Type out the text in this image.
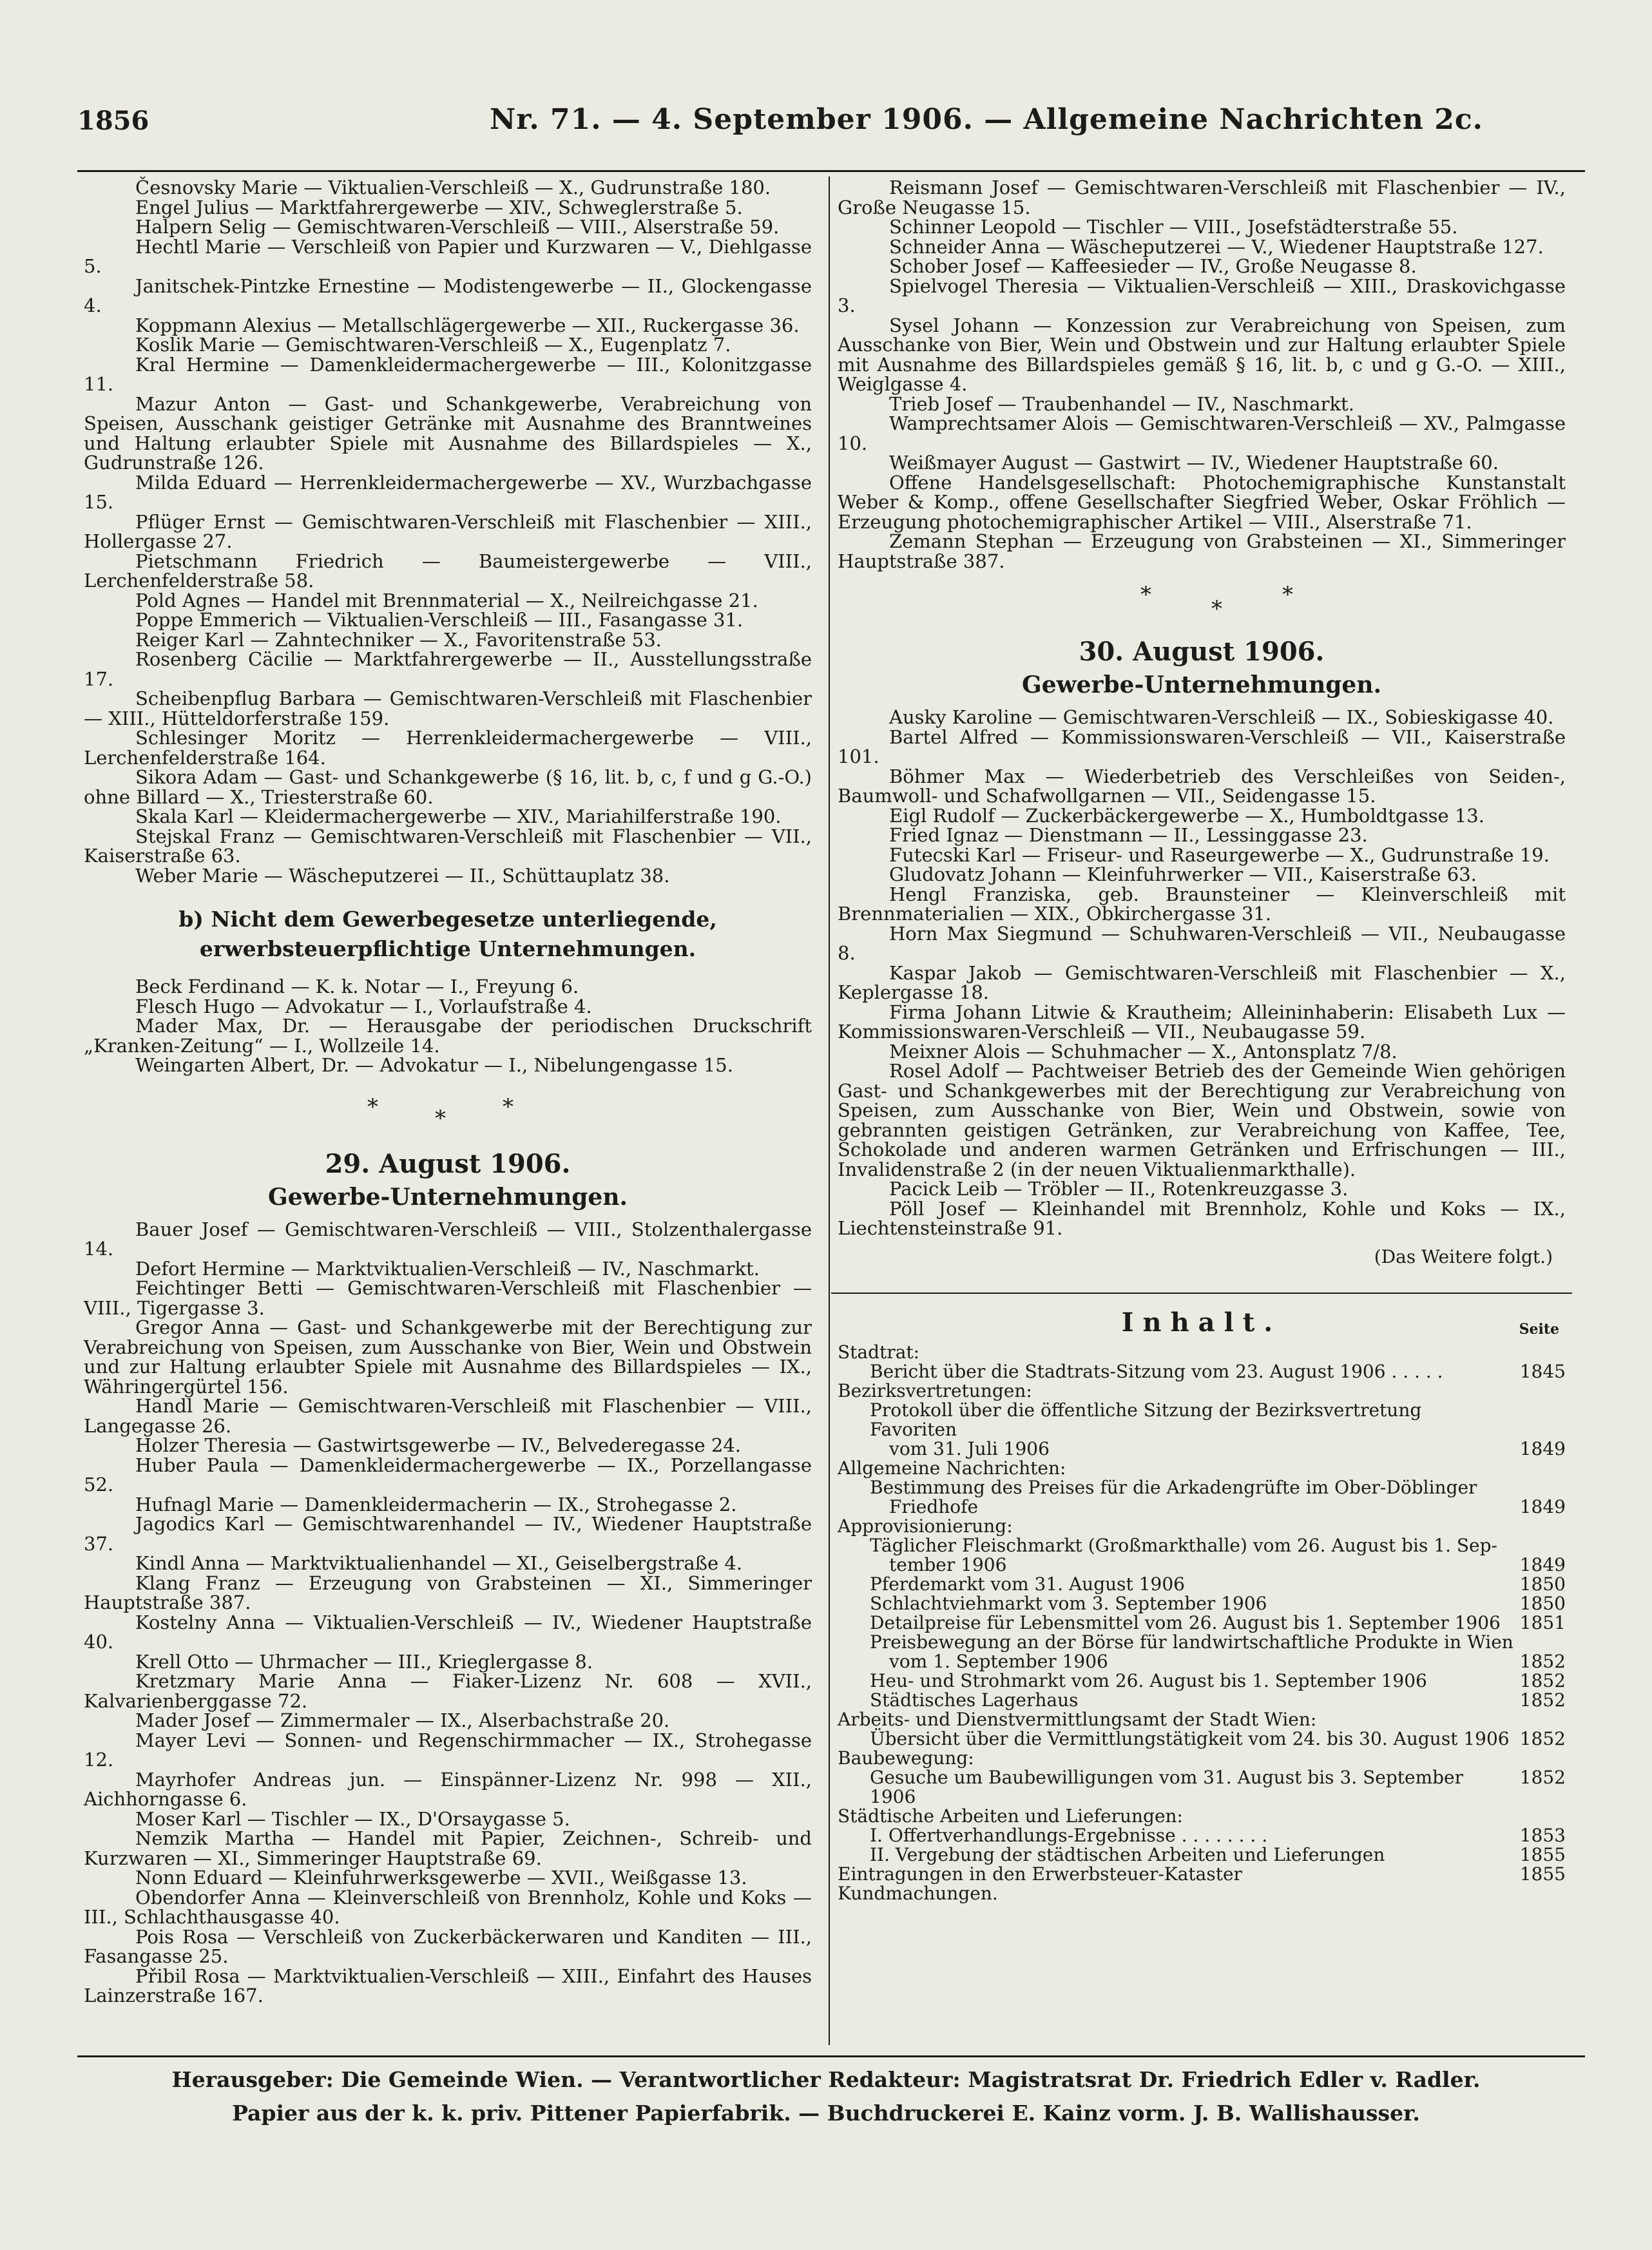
1856	Nr. 71. — 4. September 1906. — Allgemeine Nachrichten 2c.

Česnovsky Marie — Viktualien-Verschleiß — X., Gudrunstraße 180.

Engel Julius — Marktfahrergewerbe — XIV., Schweglerstraße 5.

Halpern Selig — Gemischtwaren-Verschleiß — VIII., Alserstraße 59.

Hechtl Marie — Verschleiß von Papier und Kurzwaren — V., Diehlgasse 5.

Janitschek-Pintzke Ernestine — Modistengewerbe — II., Glockengasse 4.

Koppmann Alexius — Metallschlägergewerbe — XII., Ruckergasse 36.

Koslik Marie — Gemischtwaren-Verschleiß — X., Eugenplatz 7.

Kral Hermine — Damenkleidermachergewerbe — III., Kolonitzgasse 11.

Mazur Anton — Gast- und Schankgewerbe, Verabreichung von Speisen, Ausschank geistiger Getränke mit Ausnahme des Branntweines und Haltung erlaubter Spiele mit Ausnahme des Billardspieles — X., Gudrunstraße 126.

Milda Eduard — Herrenkleidermachergewerbe — XV., Wurzbachgasse 15.

Pflüger Ernst — Gemischtwaren-Verschleiß mit Flaschenbier — XIII., Hollergasse 27.

Pietschmann Friedrich — Baumeistergewerbe — VIII., Lerchenfelderstraße 58.

Pold Agnes — Handel mit Brennmaterial — X., Neilreichgasse 21.

Poppe Emmerich — Viktualien-Verschleiß — III., Fasangasse 31.

Reiger Karl — Zahntechniker — X., Favoritenstraße 53.

Rosenberg Cäcilie — Marktfahrergewerbe — II., Ausstellungsstraße 17.

Scheibenpflug Barbara — Gemischtwaren-Verschleiß mit Flaschenbier — XIII., Hütteldorferstraße 159.

Schlesinger Moritz — Herrenkleidermachergewerbe — VIII., Lerchenfelderstraße 164.

Sikora Adam — Gast- und Schankgewerbe (§ 16, lit. b, c, f und g G.-O.) ohne Billard — X., Triesterstraße 60.

Skala Karl — Kleidermachergewerbe — XIV., Mariahilferstraße 190.

Stejskal Franz — Gemischtwaren-Verschleiß mit Flaschenbier — VII., Kaiserstraße 63.

Weber Marie — Wäscheputzerei — II., Schüttauplatz 38.

b) Nicht dem Gewerbegesetze unterliegende, erwerbsteuerpflichtige Unternehmungen.

Beck Ferdinand — K. k. Notar — I., Freyung 6.

Flesch Hugo — Advokatur — I., Vorlaufstraße 4.

Mader Max, Dr. — Herausgabe der periodischen Druckschrift „Kranken-Zeitung“ — I., Wollzeile 14.

Weingarten Albert, Dr. — Advokatur — I., Nibelungengasse 15.

*	*	*
29. August 1906.
Gewerbe-Unternehmungen.

Bauer Josef — Gemischtwaren-Verschleiß — VIII., Stolzenthalergasse 14.

Defort Hermine — Marktviktualien-Verschleiß — IV., Naschmarkt.

Feichtinger Betti — Gemischtwaren-Verschleiß mit Flaschenbier — VIII., Tigergasse 3.

Gregor Anna — Gast- und Schankgewerbe mit der Berechtigung zur Verabreichung von Speisen, zum Ausschanke von Bier, Wein und Obstwein und zur Haltung erlaubter Spiele mit Ausnahme des Billardspieles — IX., Währingergürtel 156.

Handl Marie — Gemischtwaren-Verschleiß mit Flaschenbier — VIII., Langegasse 26.

Holzer Theresia — Gastwirtsgewerbe — IV., Belvederegasse 24.

Huber Paula — Damenkleidermachergewerbe — IX., Porzellangasse 52.

Hufnagl Marie — Damenkleidermacherin — IX., Strohegasse 2.

Jagodics Karl — Gemischtwarenhandel — IV., Wiedener Hauptstraße 37.

Kindl Anna — Marktviktualienhandel — XI., Geiselbergstraße 4.

Klang Franz — Erzeugung von Grabsteinen — XI., Simmeringer Hauptstraße 387.

Kostelny Anna — Viktualien-Verschleiß — IV., Wiedener Hauptstraße 40.

Krell Otto — Uhrmacher — III., Krieglergasse 8.

Kretzmary Marie Anna — Fiaker-Lizenz Nr. 608 — XVII., Kalvarienberggasse 72.

Mader Josef — Zimmermaler — IX., Alserbachstraße 20.

Mayer Levi — Sonnen- und Regenschirmmacher — IX., Strohegasse 12.

Mayrhofer Andreas jun. — Einspänner-Lizenz Nr. 998 — XII., Aichhorngasse 6.

Moser Karl — Tischler — IX., D'Orsaygasse 5.

Nemzik Martha — Handel mit Papier, Zeichnen-, Schreib- und Kurzwaren — XI., Simmeringer Hauptstraße 69.

Nonn Eduard — Kleinfuhrwerksgewerbe — XVII., Weißgasse 13.

Obendorfer Anna — Kleinverschleiß von Brennholz, Kohle und Koks — III., Schlachthausgasse 40.

Pois Rosa — Verschleiß von Zuckerbäckerwaren und Kanditen — III., Fasangasse 25.

Přibil Rosa — Marktviktualien-Verschleiß — XIII., Einfahrt des Hauses Lainzerstraße 167.

Reismann Josef — Gemischtwaren-Verschleiß mit Flaschenbier — IV., Große Neugasse 15.

Schinner Leopold — Tischler — VIII., Josefstädterstraße 55.

Schneider Anna — Wäscheputzerei — V., Wiedener Hauptstraße 127.

Schober Josef — Kaffeesieder — IV., Große Neugasse 8.

Spielvogel Theresia — Viktualien-Verschleiß — XIII., Draskovichgasse 3.

Sysel Johann — Konzession zur Verabreichung von Speisen, zum Ausschanke von Bier, Wein und Obstwein und zur Haltung erlaubter Spiele mit Ausnahme des Billardspieles gemäß § 16, lit. b, c und g G.-O. — XIII., Weiglgasse 4.

Trieb Josef — Traubenhandel — IV., Naschmarkt.

Wamprechtsamer Alois — Gemischtwaren-Verschleiß — XV., Palmgasse 10.

Weißmayer August — Gastwirt — IV., Wiedener Hauptstraße 60.

Offene Handelsgesellschaft: Photochemigraphische Kunstanstalt Weber & Komp., offene Gesellschafter Siegfried Weber, Oskar Fröhlich — Erzeugung photochemigraphischer Artikel — VIII., Alserstraße 71.

Zemann Stephan — Erzeugung von Grabsteinen — XI., Simmeringer Hauptstraße 387.

*
*
*
30. August 1906.
Gewerbe-Unternehmungen.

Ausky Karoline — Gemischtwaren-Verschleiß — IX., Sobieskigasse 40.

Bartel Alfred — Kommissionswaren-Verschleiß — VII., Kaiserstraße 101.

Böhmer Max — Wiederbetrieb des Verschleißes von Seiden-, Baumwoll- und Schafwollgarnen — VII., Seidengasse 15.

Eigl Rudolf — Zuckerbäckergewerbe — X., Humboldtgasse 13.

Fried Ignaz — Dienstmann — II., Lessinggasse 23.

Futecski Karl — Friseur- und Raseurgewerbe — X., Gudrunstraße 19.

Gludovatz Johann — Kleinfuhrwerker — VII., Kaiserstraße 63.

Hengl Franziska, geb. Braunsteiner — Kleinverschleiß mit Brennmaterialien — XIX., Obkirchergasse 31.

Horn Max Siegmund — Schuhwaren-Verschleiß — VII., Neubaugasse 8.

Kaspar Jakob — Gemischtwaren-Verschleiß mit Flaschenbier — X., Keplergasse 18.

Firma Johann Litwie & Krautheim; Alleininhaberin: Elisabeth Lux — Kommissionswaren-Verschleiß — VII., Neubaugasse 59.

Meixner Alois — Schuhmacher — X., Antonsplatz 7/8.

Rosel Adolf — Pachtweiser Betrieb des der Gemeinde Wien gehörigen Gast- und Schankgewerbes mit der Berechtigung zur Verabreichung von Speisen, zum Ausschanke von Bier, Wein und Obstwein, sowie von gebrannten geistigen Getränken, zur Verabreichung von Kaffee, Tee, Schokolade und anderen warmen Getränken und Erfrischungen — III., Invalidenstraße 2 (in der neuen Viktualienmarkthalle).

Pacick Leib — Tröbler — II., Rotenkreuzgasse 3.

Pöll Josef — Kleinhandel mit Brennholz, Kohle und Koks — IX., Liechtensteinstraße 91.

(Das Weitere folgt.)
Inhalt.	Seite

Stadtrat:

Bericht über die Stadtrats-Sitzung vom 23. August 1906 . . . . .	1845

Bezirksvertretungen:

Protokoll über die öffentliche Sitzung der Bezirksvertretung Favoriten
vom 31. Juli 1906	1849

Allgemeine Nachrichten:

Bestimmung des Preises für die Arkadengrüfte im Ober-Döblinger
Friedhofe	1849

Approvisionierung:

Täglicher Fleischmarkt (Großmarkthalle) vom 26. August bis 1. Sep-
tember 1906	1849
Pferdemarkt vom 31. August 1906	1850
Schlachtviehmarkt vom 3. September 1906	1850
Detailpreise für Lebensmittel vom 26. August bis 1. September 1906	1851
Preisbewegung an der Börse für landwirtschaftliche Produkte in Wien
vom 1. September 1906	1852
Heu- und Strohmarkt vom 26. August bis 1. September 1906	1852
Städtisches Lagerhaus	1852

Arbeits- und Dienstvermittlungsamt der Stadt Wien:

Übersicht über die Vermittlungstätigkeit vom 24. bis 30. August 1906 1852

Baubewegung:

Gesuche um Baubewilligungen vom 31. August bis 3. September 1906
1852

Städtische Arbeiten und Lieferungen:

I. Offertverhandlungs-Ergebnisse . . . . . . . .	1853
II. Vergebung der städtischen Arbeiten und Lieferungen	1855
Eintragungen in den Erwerbsteuer-Kataster	1855

Kundmachungen.

Herausgeber: Die Gemeinde Wien. — Verantwortlicher Redakteur: Magistratsrat Dr. Friedrich Edler v. Radler.
Papier aus der k. k. priv. Pittener Papierfabrik. — Buchdruckerei E. Kainz vorm. J. B. Wallishausser.
